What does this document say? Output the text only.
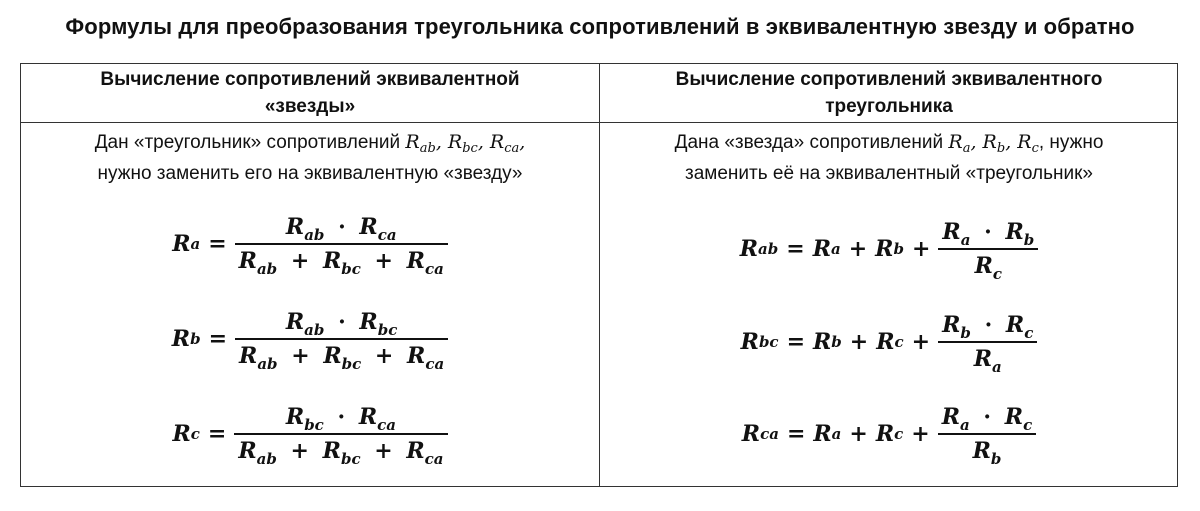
Формулы для преобразования треугольника сопротивлений в эквивалентную звезду и обратно
Вычисление сопротивлений эквивалентной
«звезды»
Дан «треугольник» сопротивлений $R_{ab}$, $R_{bc}$, $R_{ca}$,
нужно заменить его на эквивалентную «звезду»
R $a = \frac{R_{ab} \cdot R_{ca}}{R_{ab} + R_{bc} + R_{ca}}$
R $b = \frac{R_{ab} \cdot R_{bc}}{R_{ab} + R_{bc} + R_{ca}}$
R $c = \frac{R_{bc} \cdot R_{ca}}{R_{ab} + R_{bc} + R_{ca}}$
Вычисление сопротивлений эквивалентного
треугольника
Дана «звезда» сопротивлений $R_a$, $R_b$, $R_c$, нужно
заменить её на эквивалентный «треугольник»
R ab = R a + R $b + \frac{R_a \cdot R_b}{R_c}$
R bc = R b + R $c + \frac{R_b \cdot R_c}{R_a}$
R ca = R a + R $c + \frac{R_a \cdot R_c}{R_b}$
